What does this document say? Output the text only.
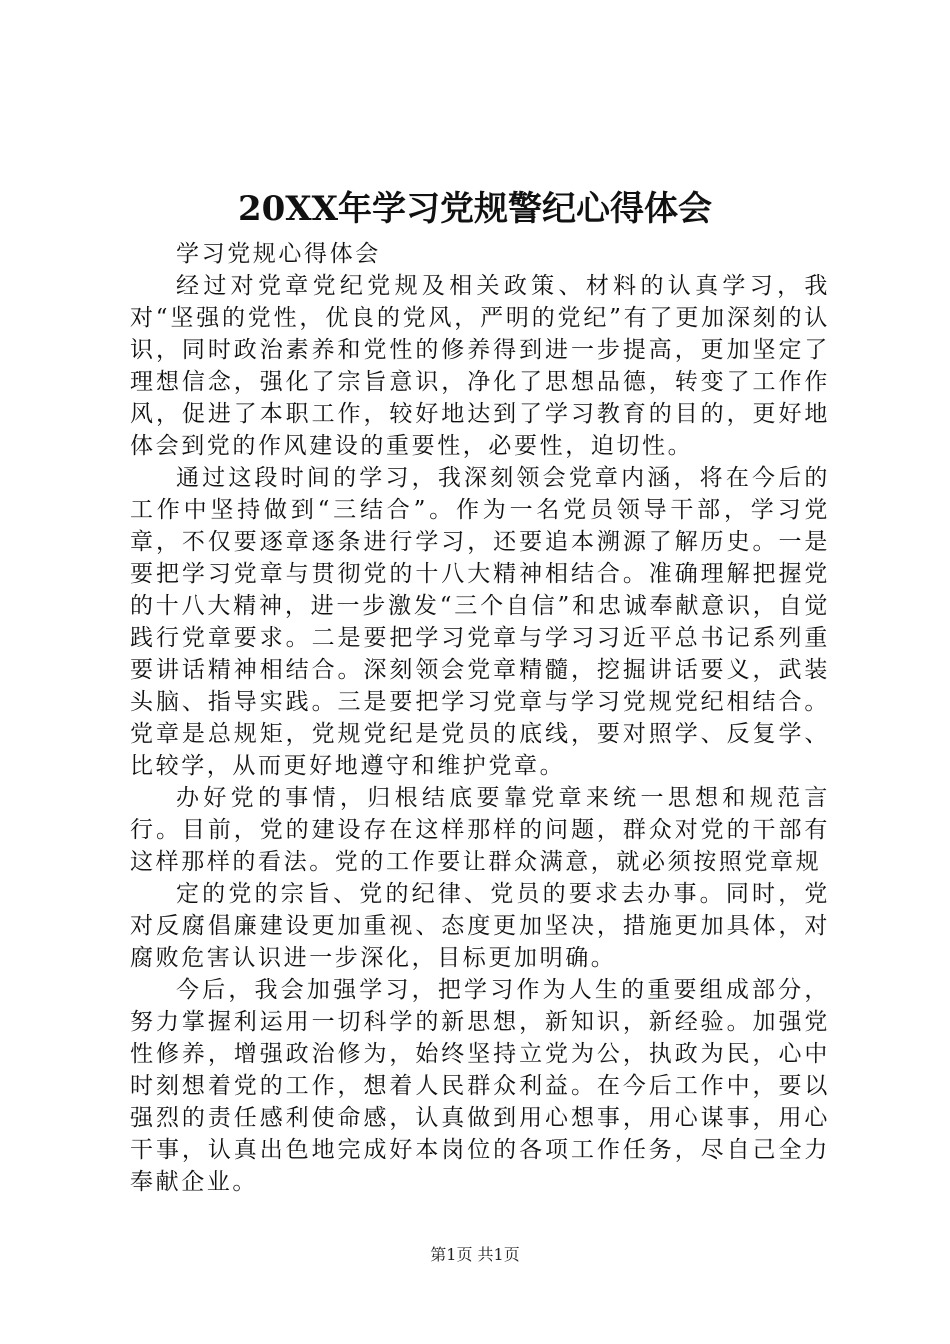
20XX年学习党规警纪心得体会

学习党规心得体会

经过对党章党纪党规及相关政策、材料的认真学习，我对“坚强的党性，优良的党风，严明的党纪”有了更加深刻的认识，同时政治素养和党性的修养得到进一步提高，更加坚定了理想信念，强化了宗旨意识，净化了思想品德，转变了工作作风，促进了本职工作，较好地达到了学习教育的目的，更好地体会到党的作风建设的重要性，必要性，迫切性。

通过这段时间的学习，我深刻领会党章内涵，将在今后的工作中坚持做到“三结合”。作为一名党员领导干部，学习党章，不仅要逐章逐条进行学习，还要追本溯源了解历史。一是要把学习党章与贯彻党的十八大精神相结合。准确理解把握党的十八大精神，进一步激发“三个自信”和忠诚奉献意识，自觉践行党章要求。二是要把学习党章与学习习近平总书记系列重要讲话精神相结合。深刻领会党章精髓，挖掘讲话要义，武装头脑、指导实践。三是要把学习党章与学习党规党纪相结合。党章是总规矩，党规党纪是党员的底线，要对照学、反复学、比较学，从而更好地遵守和维护党章。

办好党的事情，归根结底要靠党章来统一思想和规范言行。目前，党的建设存在这样那样的问题，群众对党的干部有这样那样的看法。党的工作要让群众满意，就必须按照党章规

定的党的宗旨、党的纪律、党员的要求去办事。同时，党对反腐倡廉建设更加重视、态度更加坚决，措施更加具体，对腐败危害认识进一步深化，目标更加明确。

今后，我会加强学习，把学习作为人生的重要组成部分，努力掌握利运用一切科学的新思想，新知识，新经验。加强党性修养，增强政治修为，始终坚持立党为公，执政为民，心中时刻想着党的工作，想着人民群众利益。在今后工作中，要以强烈的责任感利使命感，认真做到用心想事，用心谋事，用心干事，认真出色地完成好本岗位的各项工作任务，尽自己全力奉献企业。

第1页 共1页
